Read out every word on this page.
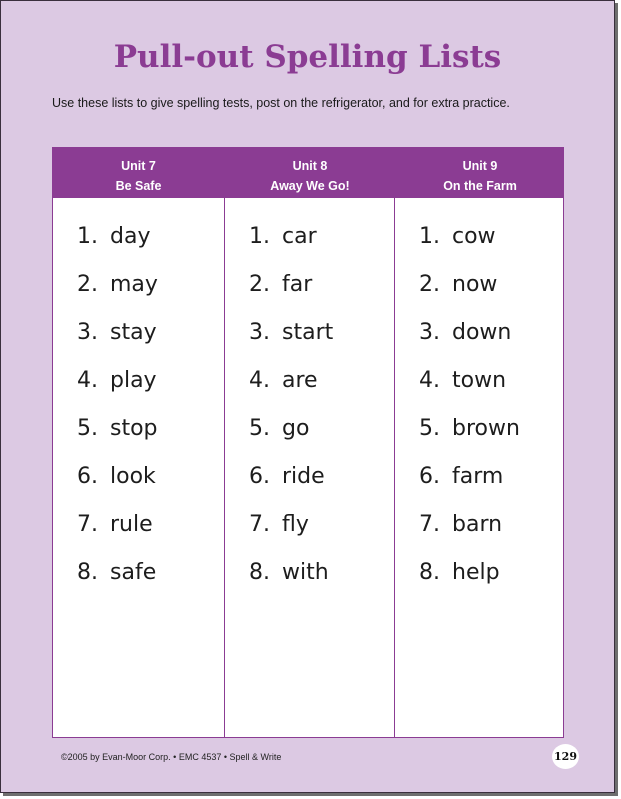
Pull-out Spelling Lists
Use these lists to give spelling tests, post on the refrigerator, and for extra practice.
Unit 7
Be Safe
1. day
2. may
3. stay
4. play
5. stop
6. look
7. rule
8. safe
Unit 8
Away We Go!
1. car
2. far
3. start
4. are
5. go
6. ride
7. fly
8. with
Unit 9
On the Farm
1. cow
2. now
3. down
4. town
5. brown
6. farm
7. barn
8. help
©2005 by Evan-Moor Corp. • EMC 4537 • Spell & Write	129
